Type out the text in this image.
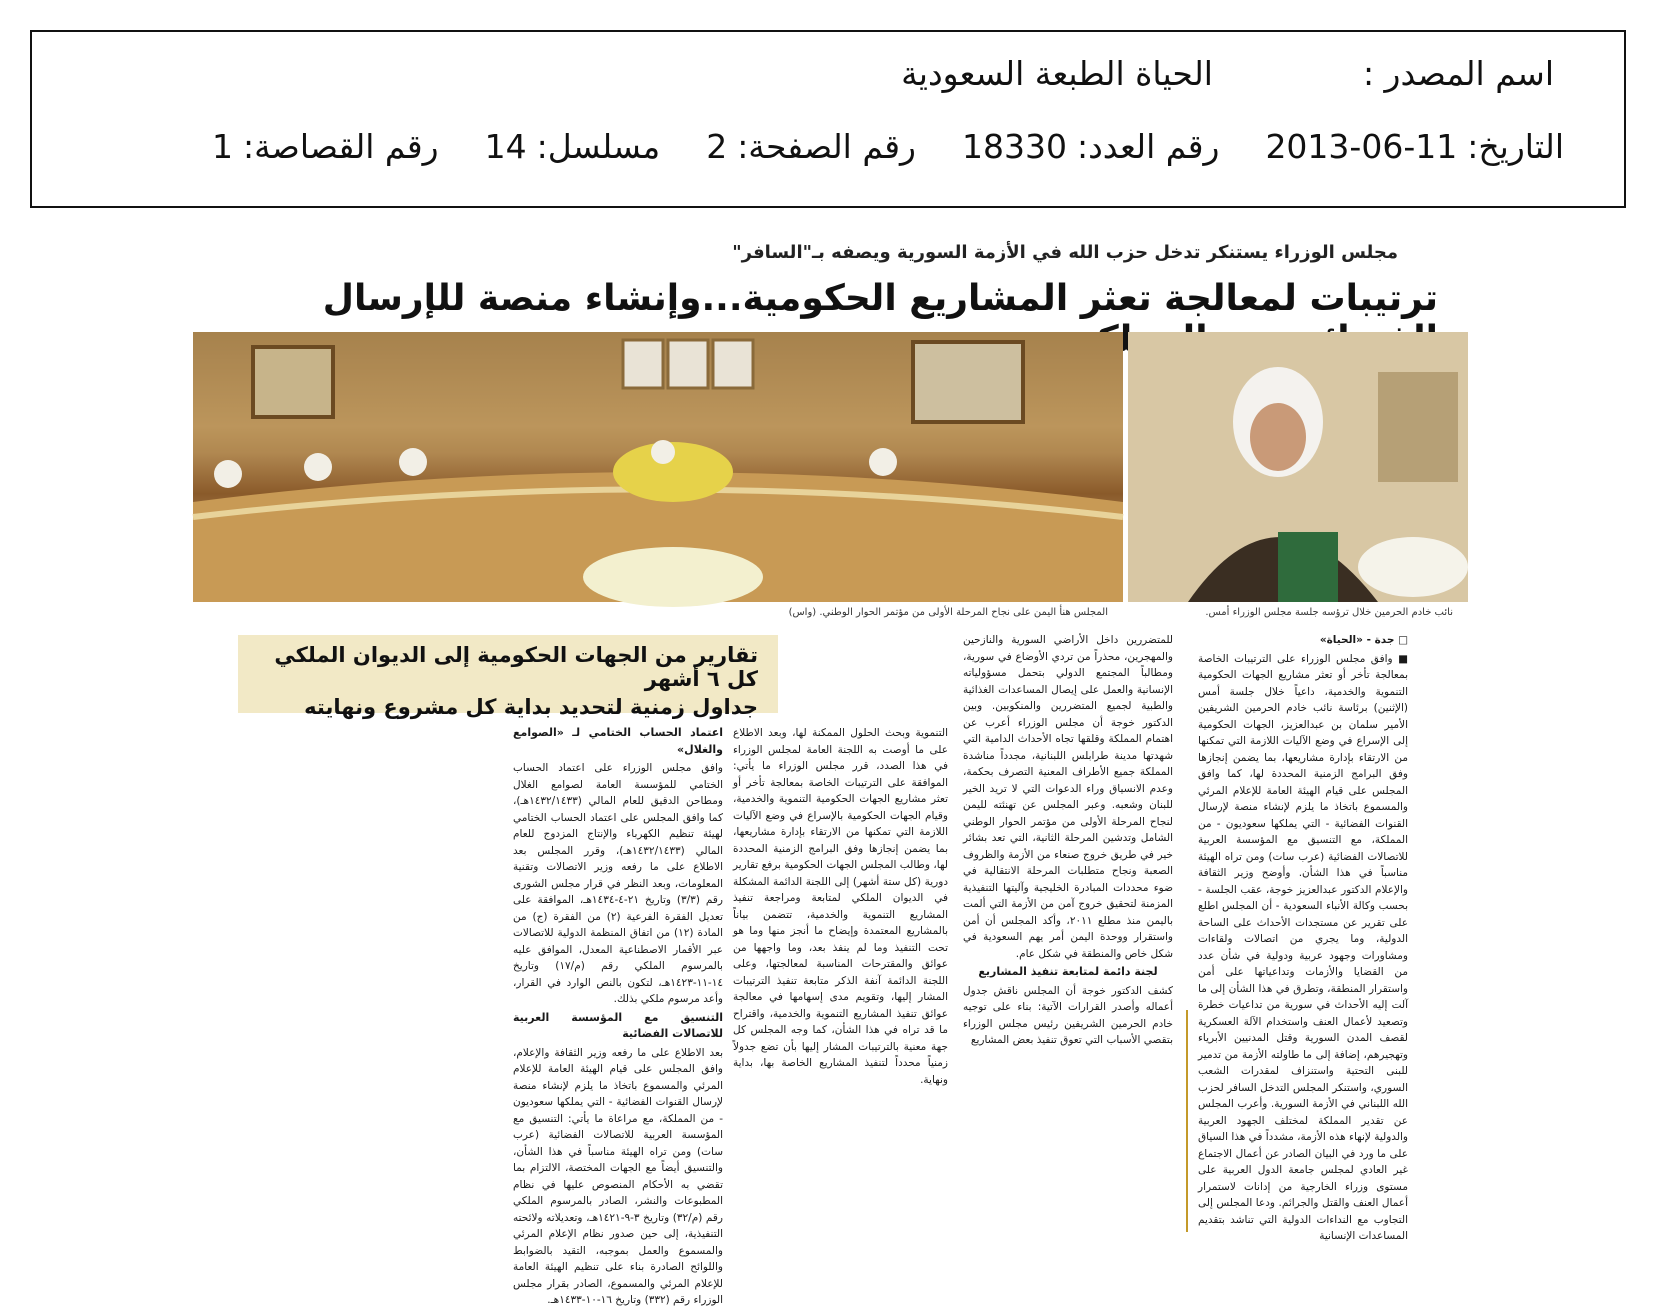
اسم المصدر :
الحياة الطبعة السعودية
التاريخ:
2013-06-11
رقم العدد:
18330
رقم الصفحة:
2
مسلسل:
14
رقم القصاصة:
1
مجلس الوزراء يستنكر تدخل حزب الله في الأزمة السورية ويصفه بـ"السافر"
ترتيبات لمعالجة تعثر المشاريع الحكومية...وإنشاء منصة للإرسال
نائب خادم الحرمين خلال ترؤسه جلسة مجلس الوزراء أمس.
المجلس هنأ اليمن على نجاح المرحلة الأولى من مؤتمر الحوار الوطني. (واس)
تقارير من الجهات الحكومية إلى الديوان الملكي كل ٦ أشهر
جداول زمنية لتحديد بداية كل مشروع ونهايته

□ جدة - «الحياة»

■ وافق مجلس الوزراء على الترتيبات الخاصة بمعالجة تأخر أو تعثر مشاريع الجهات الحكومية التنموية والخدمية، داعياً خلال جلسة أمس (الإثنين) برئاسة نائب خادم الحرمين الشريفين الأمير سلمان بن عبدالعزيز، الجهات الحكومية إلى الإسراع في وضع الآليات اللازمة التي تمكنها من الارتقاء بإدارة مشاريعها، بما يضمن إنجازها وفق البرامج الزمنية المحددة لها، كما وافق المجلس على قيام الهيئة العامة للإعلام المرئي والمسموع باتخاذ ما يلزم لإنشاء منصة لإرسال القنوات الفضائية - التي يملكها سعوديون - من المملكة، مع التنسيق مع المؤسسة العربية للاتصالات الفضائية (عرب سات) ومن تراه الهيئة مناسباً في هذا الشأن. وأوضح وزير الثقافة والإعلام الدكتور عبدالعزيز خوجة، عقب الجلسة - بحسب وكالة الأنباء السعودية - أن المجلس اطلع على تقرير عن مستجدات الأحداث على الساحة الدولية، وما يجري من اتصالات ولقاءات ومشاورات وجهود عربية ودولية في شأن عدد من القضايا والأزمات وتداعياتها على أمن واستقرار المنطقة، وتطرق في هذا الشأن إلى ما آلت إليه الأحداث في سورية من تداعيات خطرة وتصعيد لأعمال العنف واستخدام الآلة العسكرية لقصف المدن السورية وقتل المدنيين الأبرياء وتهجيرهم، إضافة إلى ما طاولته الأزمة من تدمير للبنى التحتية واستنزاف لمقدرات الشعب السوري، واستنكر المجلس التدخل السافر لحزب الله اللبناني في الأزمة السورية. وأعرب المجلس عن تقدير المملكة لمختلف الجهود العربية والدولية لإنهاء هذه الأزمة، مشدداً في هذا السياق على ما ورد في البيان الصادر عن أعمال الاجتماع غير العادي لمجلس جامعة الدول العربية على مستوى وزراء الخارجية من إدانات لاستمرار أعمال العنف والقتل والجرائم. ودعا المجلس إلى التجاوب مع النداءات الدولية التي تناشد بتقديم المساعدات الإنسانية

للمتضررين داخل الأراضي السورية والنازحين والمهجرين، محذراً من تردي الأوضاع في سورية، ومطالباً المجتمع الدولي بتحمل مسؤولياته الإنسانية والعمل على إيصال المساعدات الغذائية والطبية لجميع المتضررين والمنكوبين. وبين الدكتور خوجة أن مجلس الوزراء أعرب عن اهتمام المملكة وقلقها تجاه الأحداث الدامية التي شهدتها مدينة طرابلس اللبنانية، مجدداً مناشدة المملكة جميع الأطراف المعنية التصرف بحكمة، وعدم الانسياق وراء الدعوات التي لا تريد الخير للبنان وشعبه. وعبر المجلس عن تهنئته لليمن لنجاح المرحلة الأولى من مؤتمر الحوار الوطني الشامل وتدشين المرحلة الثانية، التي تعد بشائر خير في طريق خروج صنعاء من الأزمة والظروف الصعبة ونجاح متطلبات المرحلة الانتقالية في ضوء محددات المبادرة الخليجية وآليتها التنفيذية المزمنة لتحقيق خروج آمن من الأزمة التي ألمت باليمن منذ مطلع ٢٠١١، وأكد المجلس أن أمن واستقرار ووحدة اليمن أمر يهم السعودية في شكل خاص والمنطقة في شكل عام.

لجنة دائمة لمتابعة تنفيذ المشاريع

كشف الدكتور خوجة أن المجلس ناقش جدول أعماله وأصدر القرارات الآتية: بناء على توجيه خادم الحرمين الشريفين رئيس مجلس الوزراء بتقصي الأسباب التي تعوق تنفيذ بعض المشاريع

التنموية وبحث الحلول الممكنة لها، وبعد الاطلاع على ما أوصت به اللجنة العامة لمجلس الوزراء في هذا الصدد، قرر مجلس الوزراء ما يأتي: الموافقة على الترتيبات الخاصة بمعالجة تأخر أو تعثر مشاريع الجهات الحكومية التنموية والخدمية، وقيام الجهات الحكومية بالإسراع في وضع الآليات اللازمة التي تمكنها من الارتقاء بإدارة مشاريعها، بما يضمن إنجازها وفق البرامج الزمنية المحددة لها، وطالب المجلس الجهات الحكومية برفع تقارير دورية (كل ستة أشهر) إلى اللجنة الدائمة المشكلة في الديوان الملكي لمتابعة ومراجعة تنفيذ المشاريع التنموية والخدمية، تتضمن بياناً بالمشاريع المعتمدة وإيضاح ما أنجز منها وما هو تحت التنفيذ وما لم ينفذ بعد، وما واجهها من عوائق والمقترحات المناسبة لمعالجتها، وعلى اللجنة الدائمة آنفة الذكر متابعة تنفيذ الترتيبات المشار إليها، وتقويم مدى إسهامها في معالجة عوائق تنفيذ المشاريع التنموية والخدمية، واقتراح ما قد تراه في هذا الشأن، كما وجه المجلس كل جهة معنية بالترتيبات المشار إليها بأن تضع جدولاً زمنياً محدداً لتنفيذ المشاريع الخاصة بها، بداية ونهاية.

اعتماد الحساب الختامي لـ «الصوامع والغلال»

وافق مجلس الوزراء على اعتماد الحساب الختامي للمؤسسة العامة لصوامع الغلال ومطاحن الدقيق للعام المالي (١٤٣٢/١٤٣٣هـ)، كما وافق المجلس على اعتماد الحساب الختامي لهيئة تنظيم الكهرباء والإنتاج المزدوج للعام المالي (١٤٣٢/١٤٣٣هـ)، وقرر المجلس بعد الاطلاع على ما رفعه وزير الاتصالات وتقنية المعلومات، وبعد النظر في قرار مجلس الشورى رقم (٣/٣) وتاريخ ٢١-٤-١٤٣٤هـ، الموافقة على تعديل الفقرة الفرعية (٢) من الفقرة (ج) من المادة (١٢) من اتفاق المنظمة الدولية للاتصالات عبر الأقمار الاصطناعية المعدل، الموافق عليه بالمرسوم الملكي رقم (م/١٧) وتاريخ ١٤-١١-١٤٢٣هـ، لتكون بالنص الوارد في القرار، وأعد مرسوم ملكي بذلك.

التنسيق مع المؤسسة العربية للاتصالات الفضائية

بعد الاطلاع على ما رفعه وزير الثقافة والإعلام، وافق المجلس على قيام الهيئة العامة للإعلام المرئي والمسموع باتخاذ ما يلزم لإنشاء منصة لإرسال القنوات الفضائية - التي يملكها سعوديون - من المملكة، مع مراعاة ما يأتي: التنسيق مع المؤسسة العربية للاتصالات الفضائية (عرب سات) ومن تراه الهيئة مناسباً في هذا الشأن، والتنسيق أيضاً مع الجهات المختصة، الالتزام بما تقضي به الأحكام المنصوص عليها في نظام المطبوعات والنشر، الصادر بالمرسوم الملكي رقم (م/٣٢) وتاريخ ٣-٩-١٤٢١هـ، وتعديلاته ولائحته التنفيذية، إلى حين صدور نظام الإعلام المرئي والمسموع والعمل بموجبه، التقيد بالضوابط واللوائح الصادرة بناء على تنظيم الهيئة العامة للإعلام المرئي والمسموع، الصادر بقرار مجلس الوزراء رقم (٣٣٢) وتاريخ ١٦-١٠-١٤٣٣هـ.
